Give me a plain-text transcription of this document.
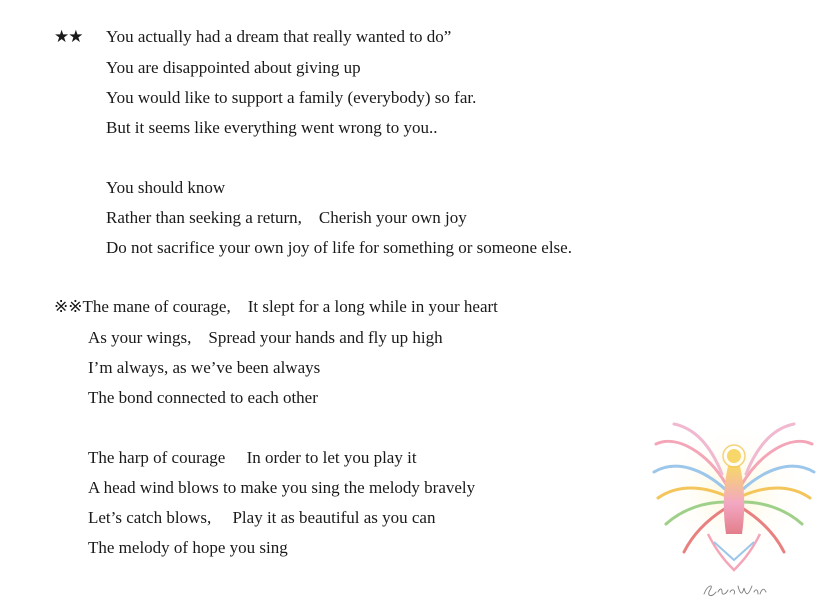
★★ You actually had a dream that really wanted to do”
You are disappointed about giving up
You would like to support a family (everybody) so far.
But it seems like everything went wrong to you..
You should know
Rather than seeking a return,　Cherish your own joy
Do not sacrifice your own joy of life for something or someone else.
※※The mane of courage,　It slept for a long while in your heart
As your wings,　Spread your hands and fly up high
I’m always, as we’ve been always
The bond connected to each other
The harp of courage　 In order to let you play it
A head wind blows to make you sing the melody bravely
Let’s catch blows,　 Play it as beautiful as you can
The melody of hope you sing
